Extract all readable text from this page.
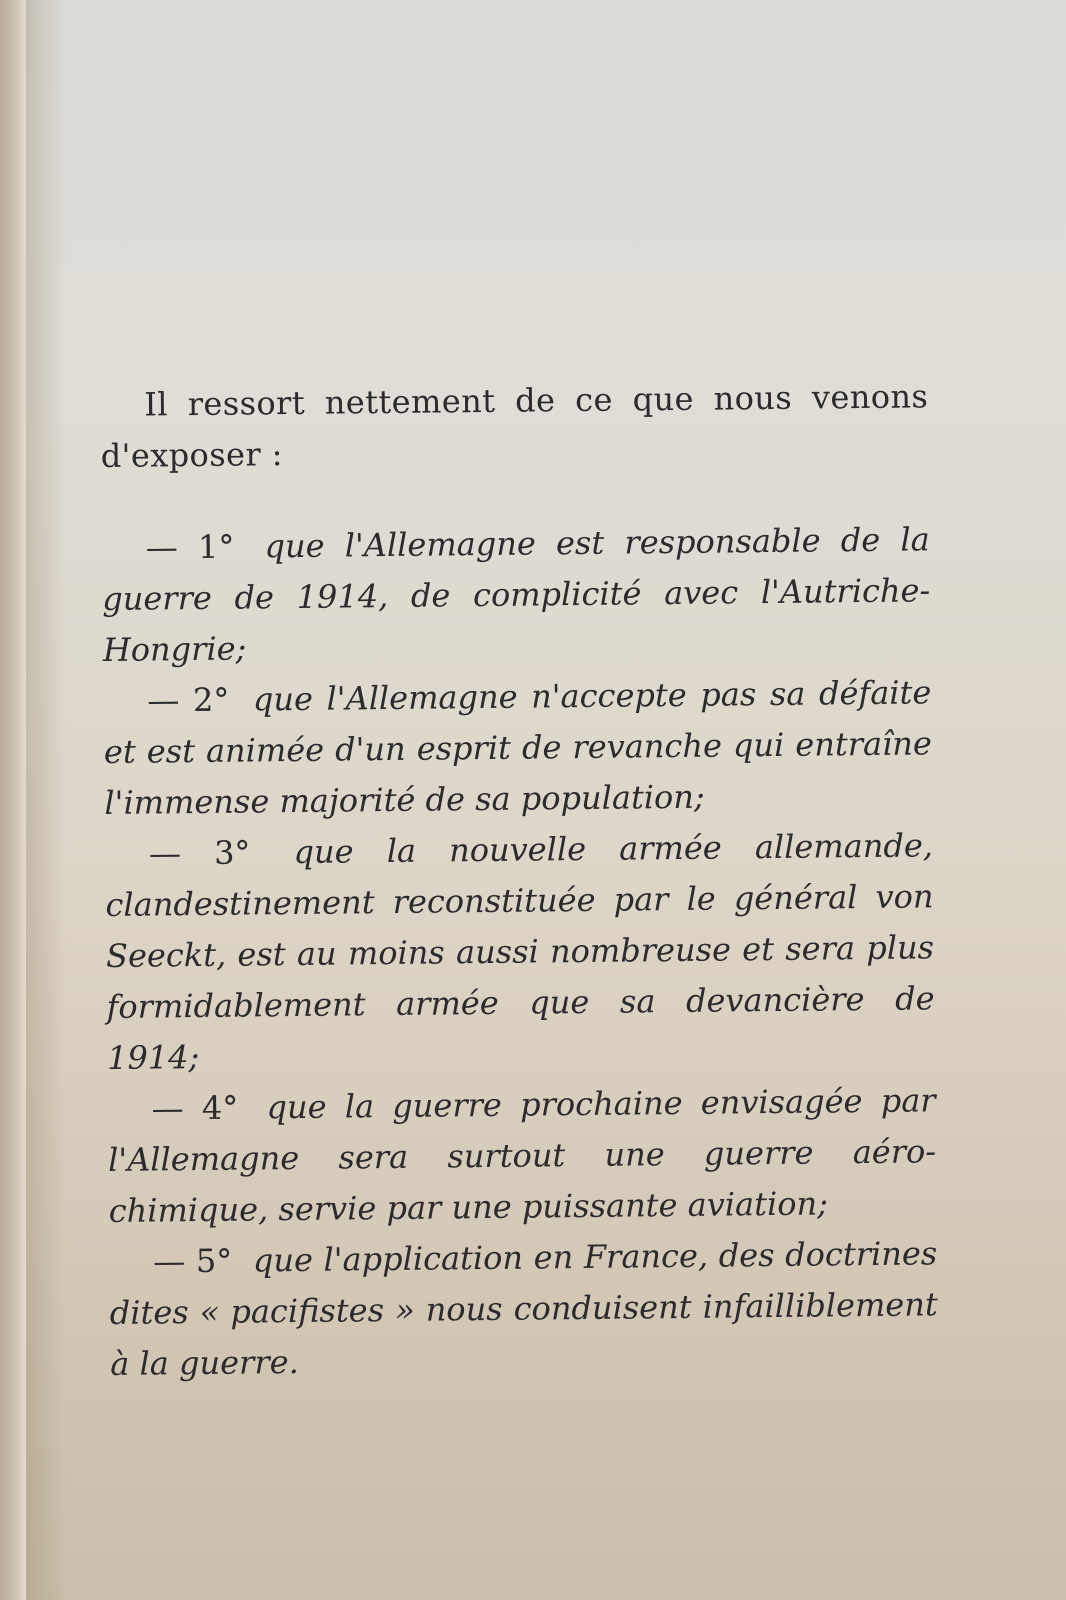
Il ressort nettement de ce que nous venons d'exposer :

— 1° que l'Allemagne est responsable de la guerre de 1914, de complicité avec l'Autriche-Hongrie;

— 2° que l'Allemagne n'accepte pas sa défaite et est animée d'un esprit de revanche qui entraîne l'immense majorité de sa population;

— 3° que la nouvelle armée allemande, clandestinement reconstituée par le général von Seeckt, est au moins aussi nombreuse et sera plus formidablement armée que sa devancière de 1914;

— 4° que la guerre prochaine envisagée par l'Allemagne sera surtout une guerre aéro-chimique, servie par une puissante aviation;

— 5° que l'application en France, des doctrines dites « pacifistes » nous conduisent infailliblement à la guerre.
